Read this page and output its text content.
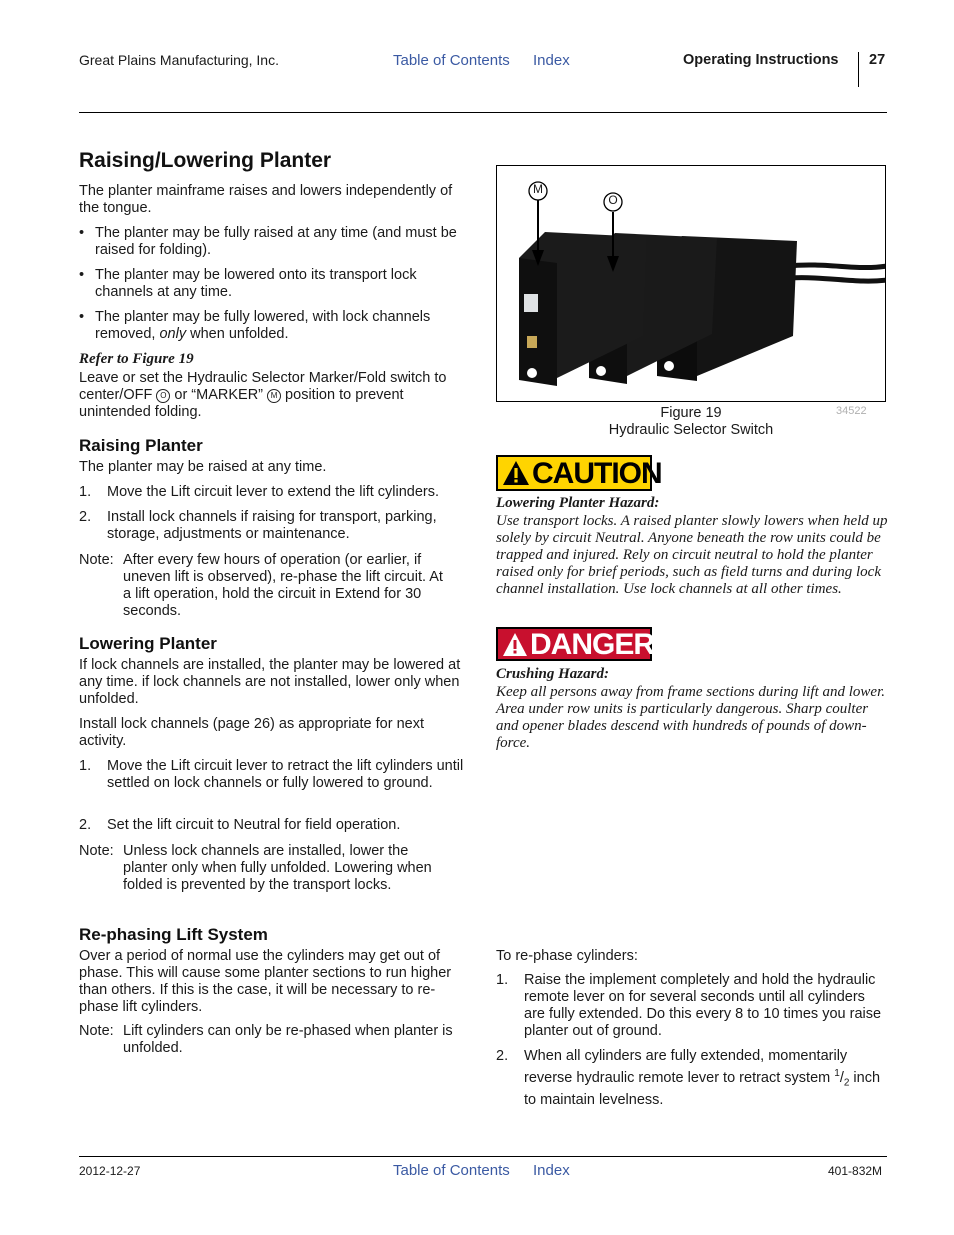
Great Plains Manufacturing, Inc.	Table of Contents Index	Operating Instructions 27
Raising/Lowering Planter

The planter mainframe raises and lowers independently of the tongue.

• The planter may be fully raised at any time (and must be raised for folding).
• The planter may be lowered onto its transport lock channels at any time.
• The planter may be fully lowered, with lock channels removed, only when unfolded.
Refer to Figure 19

Leave or set the Hydraulic Selector Marker/Fold switch to center/OFF O or “MARKER” M position to prevent unintended folding.

Raising Planter

The planter may be raised at any time.

1. Move the Lift circuit lever to extend the lift cylinders.
2. Install lock channels if raising for transport, parking, storage, adjustments or maintenance.
Note: After every few hours of operation (or earlier, if uneven lift is observed), re-phase the lift circuit. At a lift operation, hold the circuit in Extend for 30 seconds.
Lowering Planter

If lock channels are installed, the planter may be lowered at any time. if lock channels are not installed, lower only when unfolded.

Install lock channels (page 26) as appropriate for next activity.

1. Move the Lift circuit lever to retract the lift cylinders until settled on lock channels or fully lowered to ground.
2. Set the lift circuit to Neutral for field operation.
Note: Unless lock channels are installed, lower the planter only when fully unfolded. Lowering when folded is prevented by the transport locks.
Re-phasing Lift System

Over a period of normal use the cylinders may get out of phase. This will cause some planter sections to run higher than others. If this is the case, it will be necessary to re-phase lift cylinders.

Note: Lift cylinders can only be re-phased when planter is unfolded.
M
O
Figure 19
Hydraulic Selector Switch
34522
CAUTION
Lowering Planter Hazard:

Use transport locks. A raised planter slowly lowers when held up solely by circuit Neutral. Anyone beneath the row units could be trapped and injured. Rely on circuit neutral to hold the planter raised only for brief periods, such as field turns and during lock channel installation. Use lock channels at all other times.

DANGER
Crushing Hazard:

Keep all persons away from frame sections during lift and lower. Area under row units is particularly dangerous. Sharp coulter and opener blades descend with hundreds of pounds of down-force.

To re-phase cylinders:

1. Raise the implement completely and hold the hydraulic remote lever on for several seconds until all cylinders are fully extended. Do this every 8 to 10 times you raise planter out of ground.
2. When all cylinders are fully extended, momentarily reverse hydraulic remote lever to retract system $^1/_2$ inch to maintain levelness.
2012-12-27	Table of Contents Index	401-832M
